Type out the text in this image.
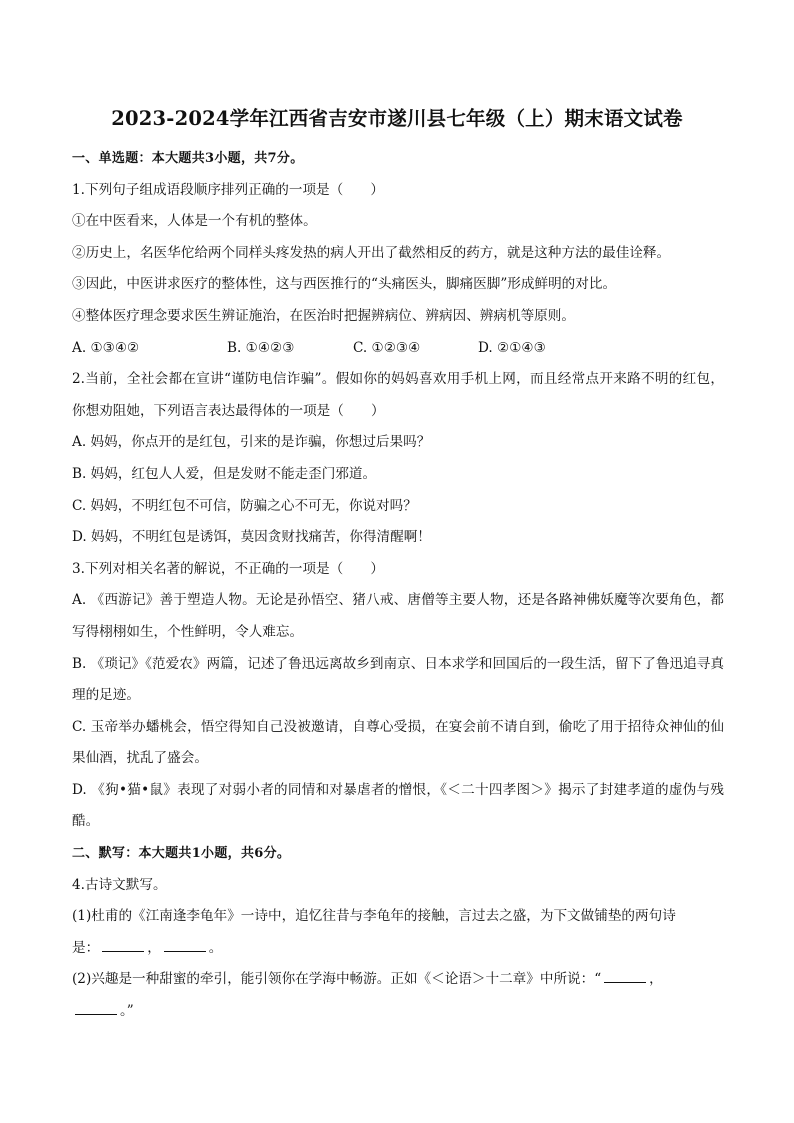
2023-2024学年江西省吉安市遂川县七年级（上）期末语文试卷
一、单选题：本大题共3小题，共7分。
1.下列句子组成语段顺序排列正确的一项是（　　）
①在中医看来，人体是一个有机的整体。
②历史上，名医华佗给两个同样头疼发热的病人开出了截然相反的药方，就是这种方法的最佳诠释。
③因此，中医讲求医疗的整体性，这与西医推行的“头痛医头，脚痛医脚”形成鲜明的对比。
④整体医疗理念要求医生辨证施治，在医治时把握辨病位、辨病因、辨病机等原则。
A. ①③④②	B. ①④②③	C. ①②③④	D. ②①④③
2.当前，全社会都在宣讲“谨防电信诈骗”。假如你的妈妈喜欢用手机上网，而且经常点开来路不明的红包，你想劝阻她，下列语言表达最得体的一项是（　　）
A. 妈妈，你点开的是红包，引来的是诈骗，你想过后果吗？
B. 妈妈，红包人人爱，但是发财不能走歪门邪道。
C. 妈妈，不明红包不可信，防骗之心不可无，你说对吗？
D. 妈妈，不明红包是诱饵，莫因贪财找痛苦，你得清醒啊！
3.下列对相关名著的解说，不正确的一项是（　　）
A. 《西游记》善于塑造人物。无论是孙悟空、猪八戒、唐僧等主要人物，还是各路神佛妖魔等次要角色，都写得栩栩如生，个性鲜明，令人难忘。
B. 《琐记》《范爱农》两篇，记述了鲁迅远离故乡到南京、日本求学和回国后的一段生活，留下了鲁迅追寻真理的足迹。
C. 玉帝举办蟠桃会，悟空得知自己没被邀请，自尊心受损，在宴会前不请自到，偷吃了用于招待众神仙的仙果仙酒，扰乱了盛会。
D. 《狗•猫•鼠》表现了对弱小者的同情和对暴虐者的憎恨，《＜二十四孝图＞》揭示了封建孝道的虚伪与残酷。
二、默写：本大题共1小题，共6分。
4.古诗文默写。
(1)杜甫的《江南逢李龟年》一诗中，追忆往昔与李龟年的接触，言过去之盛，为下文做铺垫的两句诗
是：	，	。
(2)兴趣是一种甜蜜的牵引，能引领你在学海中畅游。正如《＜论语＞十二章》中所说：“	，
。”
